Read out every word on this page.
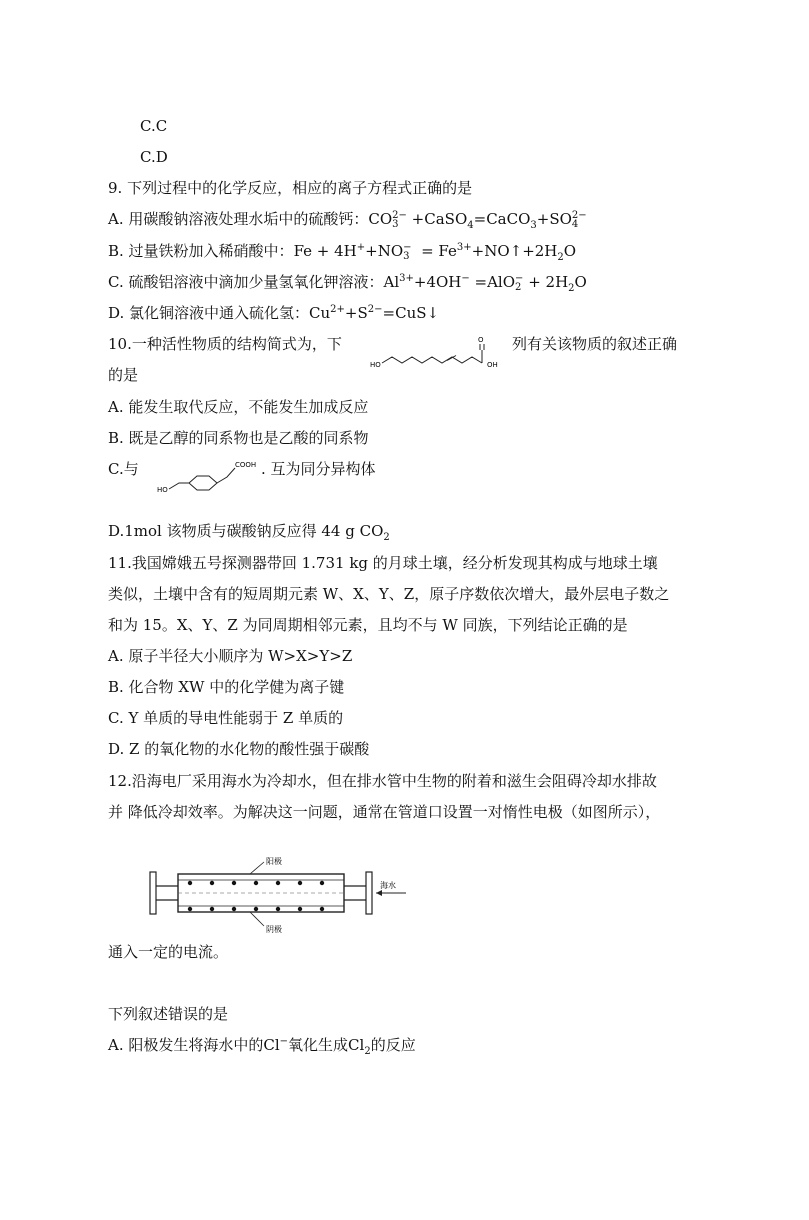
C.C
C.D
9. 下列过程中的化学反应，相应的离子方程式正确的是
A. 用碳酸钠溶液处理水垢中的硫酸钙：CO 2−
3 +CaSO$_4$=CaCO$_3$+SO 2−
4
B. 过量铁粉加入稀硝酸中：Fe + 4H++NO −
$3 = Fe^{3+}+NO↑+2H_2O$
C. 硫酸铝溶液中滴加少量氢氧化钾溶液：$Al^{3+}+4OH^- =AlO$ −
$2 + 2H_2O$
D. 氯化铜溶液中通入硫化氢：$Cu^{2+}+S^{2-}=CuS↓$
10.一种活性物质的结构简式为，下
HO
O
OH
列有关该物质的叙述正确
的是
A. 能发生取代反应，不能发生加成反应
B. 既是乙醇的同系物也是乙酸的同系物
C.与
HO
COOH . 互为同分异构体
D.1mol 该物质与碳酸钠反应得 44 g $CO_2$
11.我国嫦娥五号探测器带回 1.731 kg 的月球土壤，经分析发现其构成与地球土壤
类似，土壤中含有的短周期元素 W、X、Y、Z，原子序数依次增大，最外层电子数之
和为 15。X、Y、Z 为同周期相邻元素，且均不与 W 同族，下列结论正确的是
A. 原子半径大小顺序为 W>X>Y>Z
B. 化合物 XW 中的化学健为离子键
C. Y 单质的导电性能弱于 Z 单质的
D. Z 的氧化物的水化物的酸性强于碳酸
12.沿海电厂采用海水为冷却水，但在排水管中生物的附着和滋生会阻碍冷却水排故
并 降低冷却效率。为解决这一问题，通常在管道口设置一对惰性电极（如图所示），
阳极
阴极
海水
通入一定的电流。
下列叙述错误的是
A. 阳极发生将海水中的Cl−氧化生成$Cl_2$的反应
